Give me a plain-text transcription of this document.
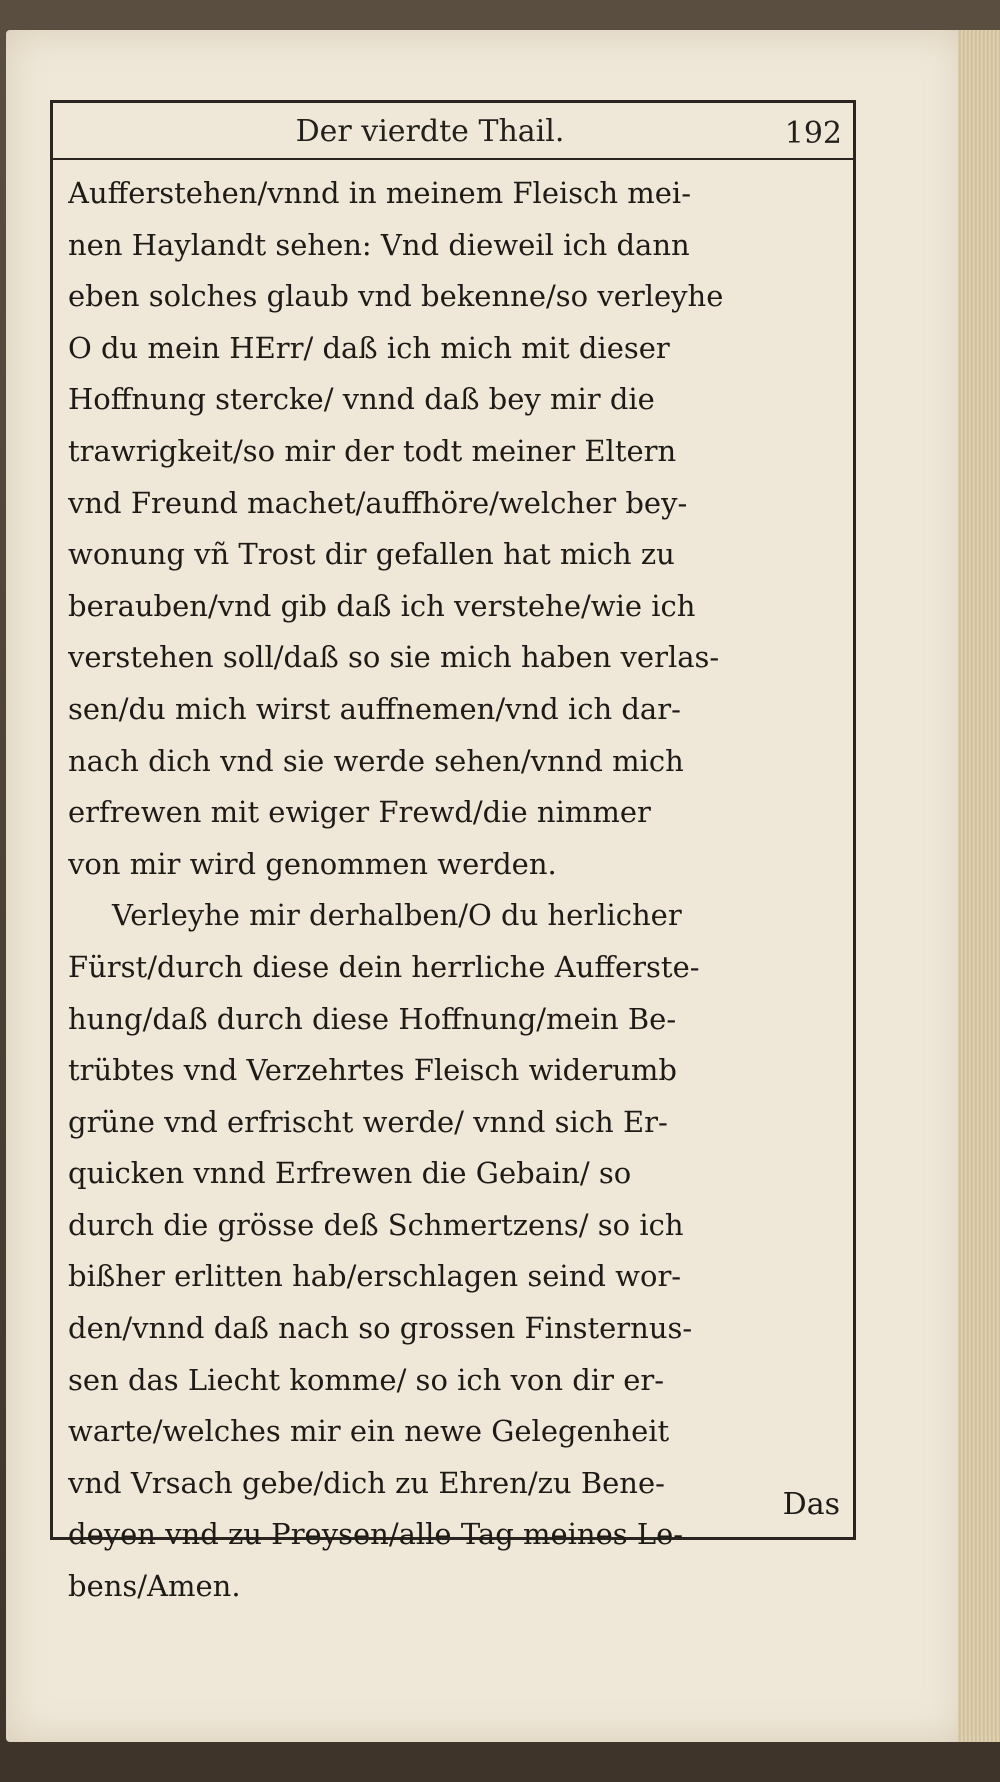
Der vierdte Thail.	192
Aufferstehen/vnnd in meinem Fleisch mei-
nen Haylandt sehen: Vnd dieweil ich dann
eben solches glaub vnd bekenne/so verleyhe
O du mein HErr/ daß ich mich mit dieser
Hoffnung stercke/ vnnd daß bey mir die
trawrigkeit/so mir der todt meiner Eltern
vnd Freund machet/auffhöre/welcher bey-
wonung vñ Trost dir gefallen hat mich zu
berauben/vnd gib daß ich verstehe/wie ich
verstehen soll/daß so sie mich haben verlas-
sen/du mich wirst auffnemen/vnd ich dar-
nach dich vnd sie werde sehen/vnnd mich
erfrewen mit ewiger Frewd/die nimmer
von mir wird genommen werden.
Verleyhe mir derhalben/O du herlicher
Fürst/durch diese dein herrliche Aufferste-
hung/daß durch diese Hoffnung/mein Be-
trübtes vnd Verzehrtes Fleisch widerumb
grüne vnd erfrischt werde/ vnnd sich Er-
quicken vnnd Erfrewen die Gebain/ so
durch die grösse deß Schmertzens/ so ich
bißher erlitten hab/erschlagen seind wor-
den/vnnd daß nach so grossen Finsternus-
sen das Liecht komme/ so ich von dir er-
warte/welches mir ein newe Gelegenheit
vnd Vrsach gebe/dich zu Ehren/zu Bene-
deyen vnd zu Preysen/alle Tag meines Le-
bens/Amen.
Das
